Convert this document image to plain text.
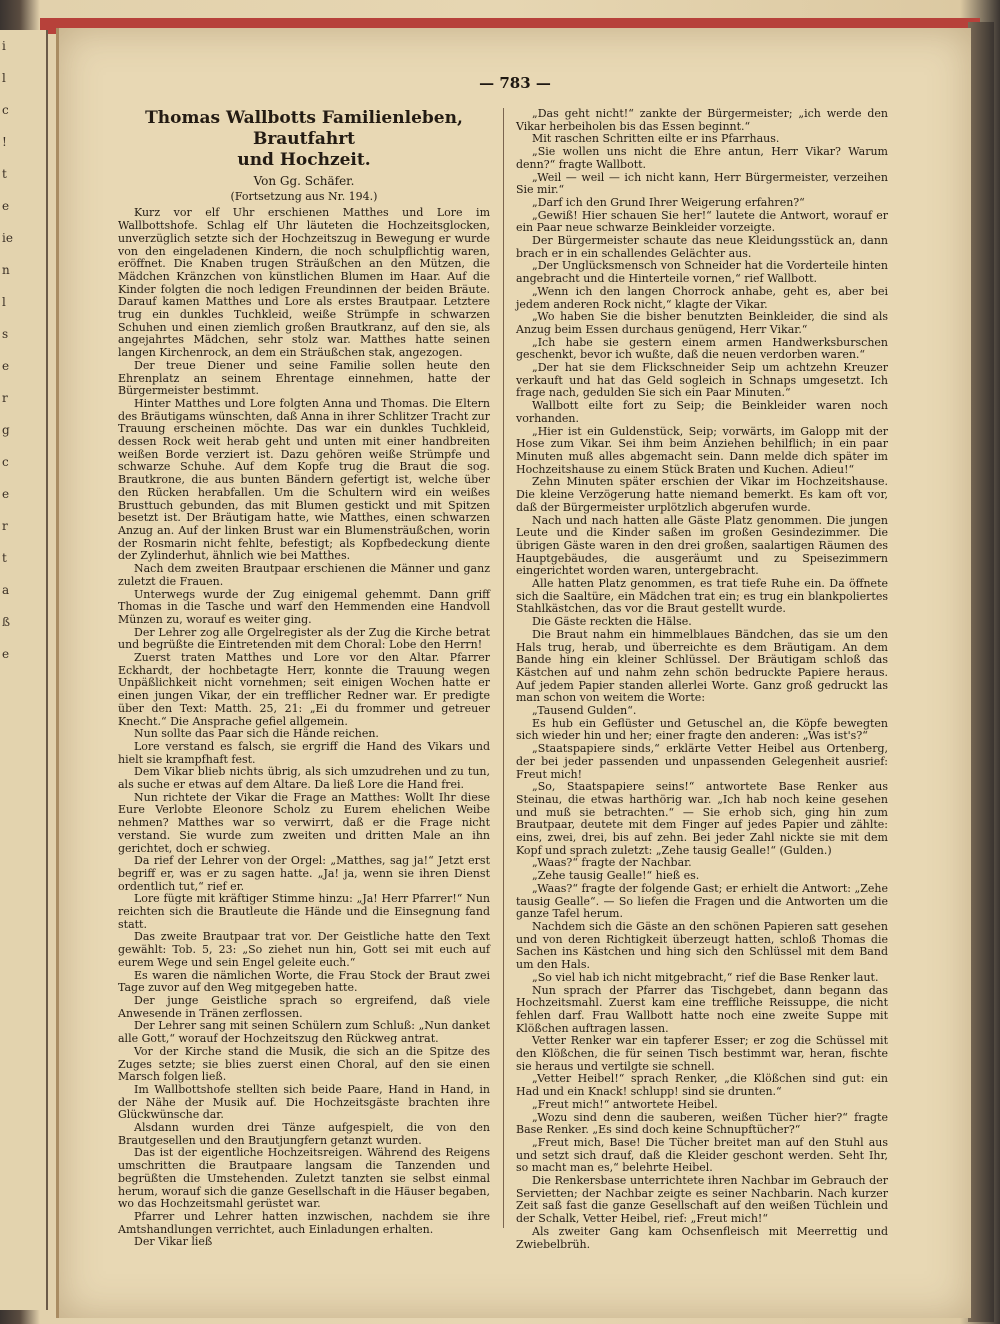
i
l
c
!
t
e
ie
n
l
s
e
r
g
c
e
r
t
a
ß
e
— 783 —
Thomas Wallbotts Familienleben, Brautfahrt
und Hochzeit.

Von Gg. Schäfer.

(Fortsetzung aus Nr. 194.)

Kurz vor elf Uhr erschienen Matthes und Lore im Wallbottshofe. Schlag elf Uhr läuteten die Hochzeitsglocken, unverzüglich setzte sich der Hochzeitszug in Bewegung er wurde von den eingeladenen Kindern, die noch schulpflichtig waren, eröffnet. Die Knaben trugen Sträußchen an den Mützen, die Mädchen Kränzchen von künstlichen Blumen im Haar. Auf die Kinder folgten die noch ledigen Freundinnen der beiden Bräute. Darauf kamen Matthes und Lore als erstes Brautpaar. Letztere trug ein dunkles Tuchkleid, weiße Strümpfe in schwarzen Schuhen und einen ziemlich großen Brautkranz, auf den sie, als angejahrtes Mädchen, sehr stolz war. Matthes hatte seinen langen Kirchenrock, an dem ein Sträußchen stak, angezogen.

Der treue Diener und seine Familie sollen heute den Ehrenplatz an seinem Ehrentage einnehmen, hatte der Bürgermeister bestimmt.

Hinter Matthes und Lore folgten Anna und Thomas. Die Eltern des Bräutigams wünschten, daß Anna in ihrer Schlitzer Tracht zur Trauung erscheinen möchte. Das war ein dunkles Tuchkleid, dessen Rock weit herab geht und unten mit einer handbreiten weißen Borde verziert ist. Dazu gehören weiße Strümpfe und schwarze Schuhe. Auf dem Kopfe trug die Braut die sog. Brautkrone, die aus bunten Bändern gefertigt ist, welche über den Rücken herabfallen. Um die Schultern wird ein weißes Brusttuch gebunden, das mit Blumen gestickt und mit Spitzen besetzt ist. Der Bräutigam hatte, wie Matthes, einen schwarzen Anzug an. Auf der linken Brust war ein Blumensträußchen, worin der Rosmarin nicht fehlte, befestigt; als Kopfbedeckung diente der Zylinderhut, ähnlich wie bei Matthes.

Nach dem zweiten Brautpaar erschienen die Männer und ganz zuletzt die Frauen.

Unterwegs wurde der Zug einigemal gehemmt. Dann griff Thomas in die Tasche und warf den Hemmenden eine Handvoll Münzen zu, worauf es weiter ging.

Der Lehrer zog alle Orgelregister als der Zug die Kirche betrat und begrüßte die Eintretenden mit dem Choral: Lobe den Herrn!

Zuerst traten Matthes und Lore vor den Altar. Pfarrer Eckhardt, der hochbetagte Herr, konnte die Trauung wegen Unpäßlichkeit nicht vornehmen; seit einigen Wochen hatte er einen jungen Vikar, der ein trefflicher Redner war. Er predigte über den Text: Matth. 25, 21: „Ei du frommer und getreuer Knecht.“ Die Ansprache gefiel allgemein.

Nun sollte das Paar sich die Hände reichen.

Lore verstand es falsch, sie ergriff die Hand des Vikars und hielt sie krampfhaft fest.

Dem Vikar blieb nichts übrig, als sich umzudrehen und zu tun, als suche er etwas auf dem Altare. Da ließ Lore die Hand frei.

Nun richtete der Vikar die Frage an Matthes: Wollt Ihr diese Eure Verlobte Eleonore Scholz zu Eurem ehelichen Weibe nehmen? Matthes war so verwirrt, daß er die Frage nicht verstand. Sie wurde zum zweiten und dritten Male an ihn gerichtet, doch er schwieg.

Da rief der Lehrer von der Orgel: „Matthes, sag ja!“ Jetzt erst begriff er, was er zu sagen hatte. „Ja! ja, wenn sie ihren Dienst ordentlich tut,“ rief er.

Lore fügte mit kräftiger Stimme hinzu: „Ja! Herr Pfarrer!“ Nun reichten sich die Brautleute die Hände und die Einsegnung fand statt.

Das zweite Brautpaar trat vor. Der Geistliche hatte den Text gewählt: Tob. 5, 23: „So ziehet nun hin, Gott sei mit euch auf eurem Wege und sein Engel geleite euch.“

Es waren die nämlichen Worte, die Frau Stock der Braut zwei Tage zuvor auf den Weg mitgegeben hatte.

Der junge Geistliche sprach so ergreifend, daß viele Anwesende in Tränen zerflossen.

Der Lehrer sang mit seinen Schülern zum Schluß: „Nun danket alle Gott,“ worauf der Hochzeitszug den Rückweg antrat.

Vor der Kirche stand die Musik, die sich an die Spitze des Zuges setzte; sie blies zuerst einen Choral, auf den sie einen Marsch folgen ließ.

Im Wallbottshofe stellten sich beide Paare, Hand in Hand, in der Nähe der Musik auf. Die Hochzeitsgäste brachten ihre Glückwünsche dar.

Alsdann wurden drei Tänze aufgespielt, die von den Brautgesellen und den Brautjungfern getanzt wurden.

Das ist der eigentliche Hochzeitsreigen. Während des Reigens umschritten die Brautpaare langsam die Tanzenden und begrüßten die Umstehenden. Zuletzt tanzten sie selbst einmal herum, worauf sich die ganze Gesellschaft in die Häuser begaben, wo das Hochzeitsmahl gerüstet war.

Pfarrer und Lehrer hatten inzwischen, nachdem sie ihre Amtshandlungen verrichtet, auch Einladungen erhalten.

Der Vikar ließ

„Das geht nicht!“ zankte der Bürgermeister; „ich werde den Vikar herbeiholen bis das Essen beginnt.“

Mit raschen Schritten eilte er ins Pfarrhaus.

„Sie wollen uns nicht die Ehre antun, Herr Vikar? Warum denn?“ fragte Wallbott.

„Weil — weil — ich nicht kann, Herr Bürgermeister, verzeihen Sie mir.“

„Darf ich den Grund Ihrer Weigerung erfahren?“

„Gewiß! Hier schauen Sie her!“ lautete die Antwort, worauf er ein Paar neue schwarze Beinkleider vorzeigte.

Der Bürgermeister schaute das neue Kleidungsstück an, dann brach er in ein schallendes Gelächter aus.

„Der Unglücksmensch von Schneider hat die Vorderteile hinten angebracht und die Hinterteile vornen,“ rief Wallbott.

„Wenn ich den langen Chorrock anhabe, geht es, aber bei jedem anderen Rock nicht,“ klagte der Vikar.

„Wo haben Sie die bisher benutzten Beinkleider, die sind als Anzug beim Essen durchaus genügend, Herr Vikar.“

„Ich habe sie gestern einem armen Handwerksburschen geschenkt, bevor ich wußte, daß die neuen verdorben waren.“

„Der hat sie dem Flickschneider Seip um achtzehn Kreuzer verkauft und hat das Geld sogleich in Schnaps umgesetzt. Ich frage nach, gedulden Sie sich ein Paar Minuten.“

Wallbott eilte fort zu Seip; die Beinkleider waren noch vorhanden.

„Hier ist ein Guldenstück, Seip; vorwärts, im Galopp mit der Hose zum Vikar. Sei ihm beim Anziehen behilflich; in ein paar Minuten muß alles abgemacht sein. Dann melde dich später im Hochzeitshause zu einem Stück Braten und Kuchen. Adieu!“

Zehn Minuten später erschien der Vikar im Hochzeitshause. Die kleine Verzögerung hatte niemand bemerkt. Es kam oft vor, daß der Bürgermeister urplötzlich abgerufen wurde.

Nach und nach hatten alle Gäste Platz genommen. Die jungen Leute und die Kinder saßen im großen Gesindezimmer. Die übrigen Gäste waren in den drei großen, saalartigen Räumen des Hauptgebäudes, die ausgeräumt und zu Speisezimmern eingerichtet worden waren, untergebracht.

Alle hatten Platz genommen, es trat tiefe Ruhe ein. Da öffnete sich die Saaltüre, ein Mädchen trat ein; es trug ein blankpoliertes Stahlkästchen, das vor die Braut gestellt wurde.

Die Gäste reckten die Hälse.

Die Braut nahm ein himmelblaues Bändchen, das sie um den Hals trug, herab, und überreichte es dem Bräutigam. An dem Bande hing ein kleiner Schlüssel. Der Bräutigam schloß das Kästchen auf und nahm zehn schön bedruckte Papiere heraus. Auf jedem Papier standen allerlei Worte. Ganz groß gedruckt las man schon von weitem die Worte:

„Tausend Gulden“.

Es hub ein Geflüster und Getuschel an, die Köpfe bewegten sich wieder hin und her; einer fragte den anderen: „Was ist's?“

„Staatspapiere sinds,“ erklärte Vetter Heibel aus Ortenberg, der bei jeder passenden und unpassenden Gelegenheit ausrief: Freut mich!

„So, Staatspapiere seins!“ antwortete Base Renker aus Steinau, die etwas harthörig war. „Ich hab noch keine gesehen und muß sie betrachten.“ — Sie erhob sich, ging hin zum Brautpaar, deutete mit dem Finger auf jedes Papier und zählte: eins, zwei, drei, bis auf zehn. Bei jeder Zahl nickte sie mit dem Kopf und sprach zuletzt: „Zehe tausig Gealle!“ (Gulden.)

„Waas?“ fragte der Nachbar.

„Zehe tausig Gealle!“ hieß es.

„Waas?“ fragte der folgende Gast; er erhielt die Antwort: „Zehe tausig Gealle“. — So liefen die Fragen und die Antworten um die ganze Tafel herum.

Nachdem sich die Gäste an den schönen Papieren satt gesehen und von deren Richtigkeit überzeugt hatten, schloß Thomas die Sachen ins Kästchen und hing sich den Schlüssel mit dem Band um den Hals.

„So viel hab ich nicht mitgebracht,“ rief die Base Renker laut.

Nun sprach der Pfarrer das Tischgebet, dann begann das Hochzeitsmahl. Zuerst kam eine treffliche Reissuppe, die nicht fehlen darf. Frau Wallbott hatte noch eine zweite Suppe mit Klößchen auftragen lassen.

Vetter Renker war ein tapferer Esser; er zog die Schüssel mit den Klößchen, die für seinen Tisch bestimmt war, heran, fischte sie heraus und vertilgte sie schnell.

„Vetter Heibel!“ sprach Renker, „die Klößchen sind gut: ein Had und ein Knack! schlupp! sind sie drunten.“

„Freut mich!“ antwortete Heibel.

„Wozu sind denn die sauberen, weißen Tücher hier?“ fragte Base Renker. „Es sind doch keine Schnupftücher?“

„Freut mich, Base! Die Tücher breitet man auf den Stuhl aus und setzt sich drauf, daß die Kleider geschont werden. Seht Ihr, so macht man es,“ belehrte Heibel.

Die Renkersbase unterrichtete ihren Nachbar im Gebrauch der Servietten; der Nachbar zeigte es seiner Nachbarin. Nach kurzer Zeit saß fast die ganze Gesellschaft auf den weißen Tüchlein und der Schalk, Vetter Heibel, rief: „Freut mich!“

Als zweiter Gang kam Ochsenfleisch mit Meerrettig und Zwiebelbrüh.
